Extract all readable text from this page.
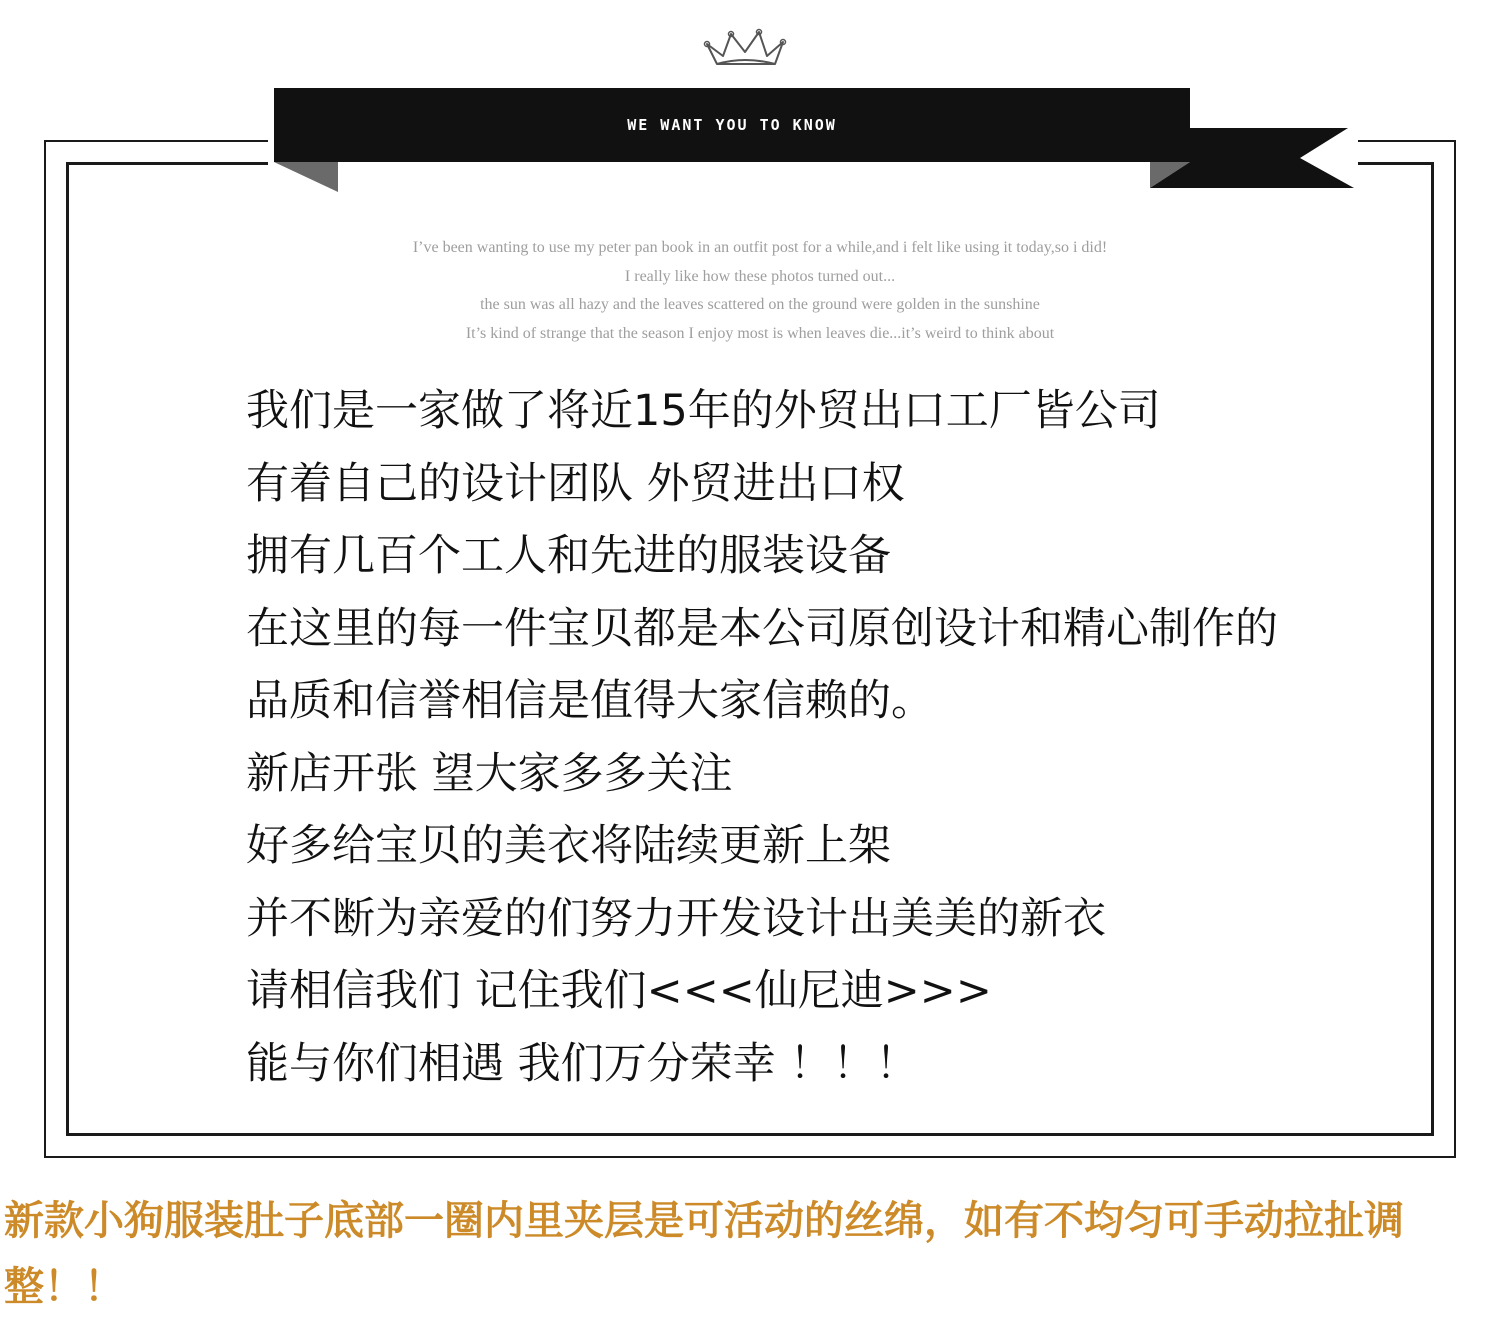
WE WANT YOU TO KNOW
I’ve been wanting to use my peter pan book in an outfit post for a while,and i felt like using it today,so i did!
I really like how these photos turned out...
the sun was all hazy and the leaves scattered on the ground were golden in the sunshine
It’s kind of strange that the season I enjoy most is when leaves die...it’s weird to think about
我们是一家做了将近15年的外贸出口工厂皆公司
有着自己的设计团队 外贸进出口权
拥有几百个工人和先进的服装设备
在这里的每一件宝贝都是本公司原创设计和精心制作的
品质和信誉相信是值得大家信赖的。
新店开张 望大家多多关注
好多给宝贝的美衣将陆续更新上架
并不断为亲爱的们努力开发设计出美美的新衣
请相信我们 记住我们<<<仙尼迪>>>
能与你们相遇 我们万分荣幸 ！！！
新款小狗服装肚子底部一圈内里夹层是可活动的丝绵，如有不均匀可手动拉扯调整！！
